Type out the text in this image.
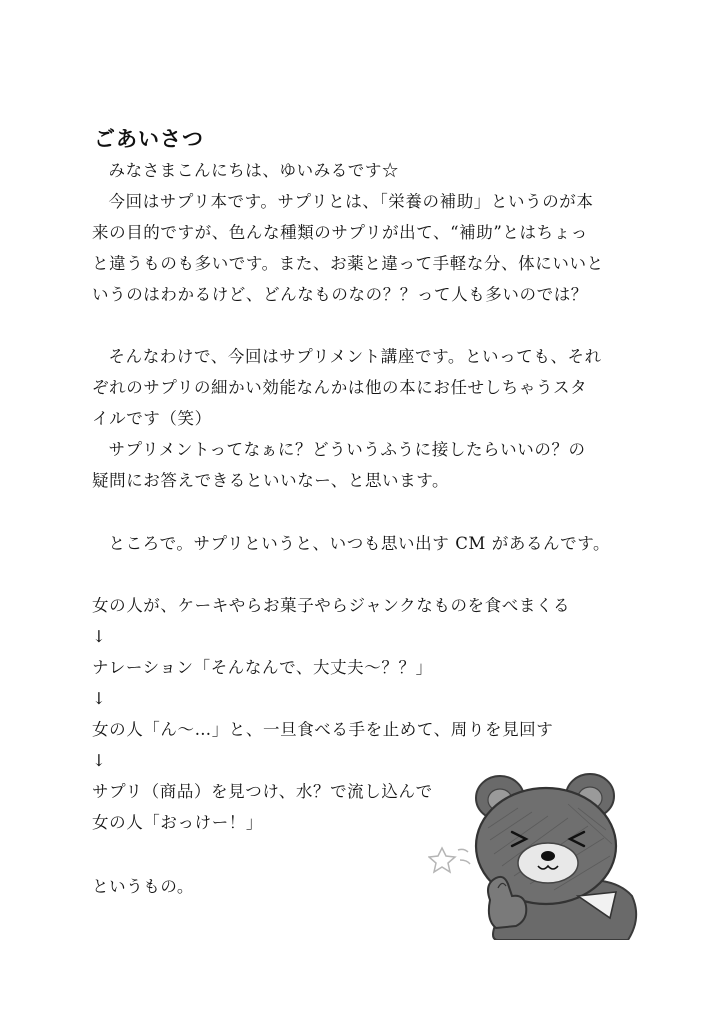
ごあいさつ

みなさまこんにちは、ゆいみるです☆

今回はサプリ本です。サプリとは、「栄養の補助」というのが本
来の目的ですが、色んな種類のサプリが出て、“補助”とはちょっ
と違うものも多いです。また、お薬と違って手軽な分、体にいいと
いうのはわかるけど、どんなものなの？？って人も多いのでは？

そんなわけで、今回はサプリメント講座です。といっても、それ
ぞれのサプリの細かい効能なんかは他の本にお任せしちゃうスタ
イルです（笑）

サプリメントってなぁに？どういうふうに接したらいいの？の
疑問にお答えできるといいなー、と思います。

ところで。サプリというと、いつも思い出す CM があるんです。

女の人が、ケーキやらお菓子やらジャンクなものを食べまくる
↓
ナレーション「そんなんで、大丈夫～？？」
↓
女の人「ん～…」と、一旦食べる手を止めて、周りを見回す
↓
サプリ（商品）を見つけ、水？で流し込んで
女の人「おっけー！」

というもの。
